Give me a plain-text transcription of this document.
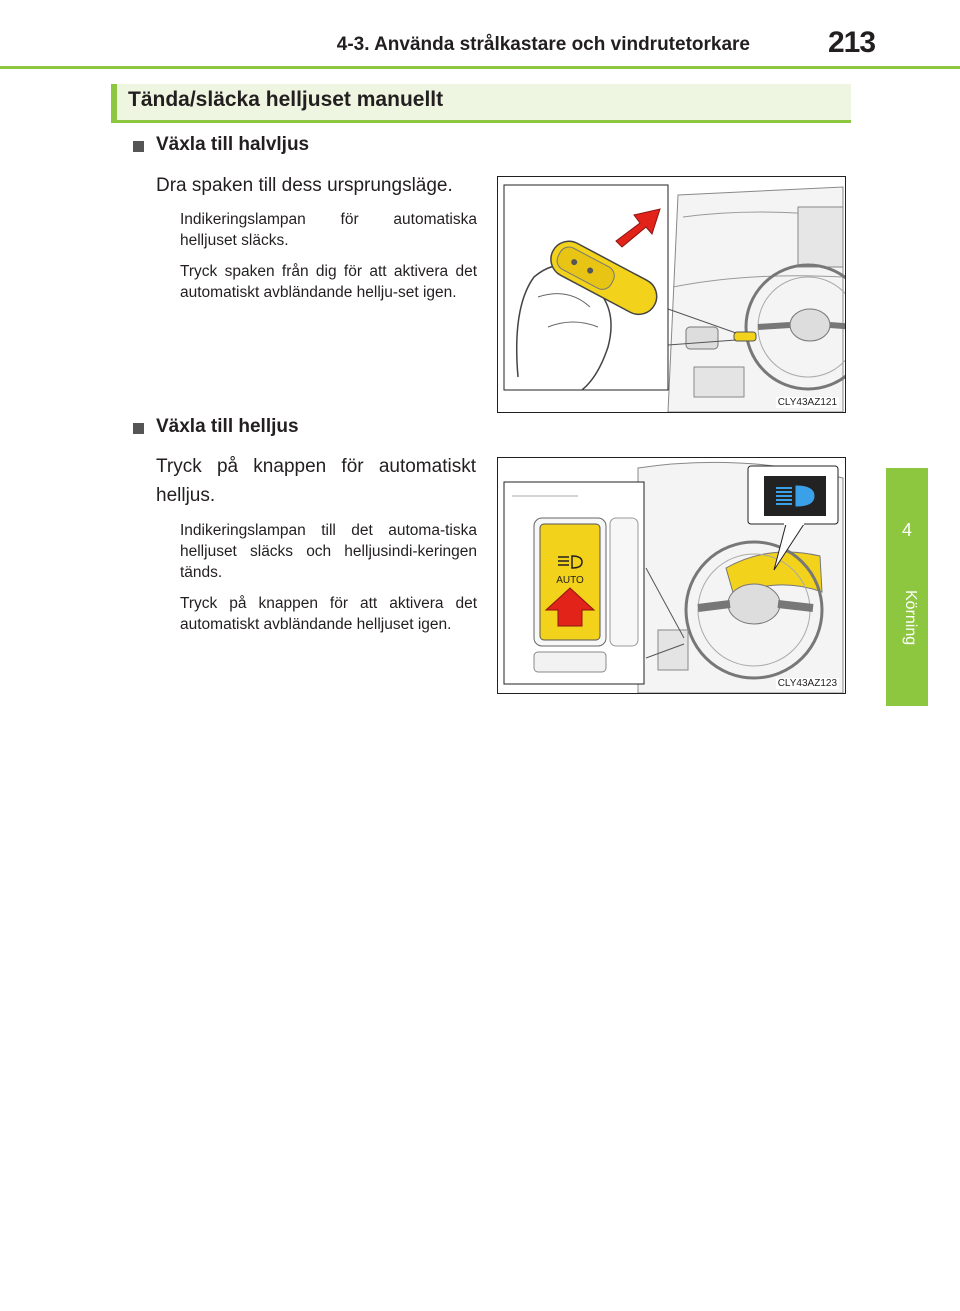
4-3. Använda strålkastare och vindrutetorkare	213
4
Körning
Tända/släcka helljuset manuellt
Växla till halvljus
Dra spaken till dess ursprungsläge.
Indikeringslampan för automatiska helljuset släcks.
Tryck spaken från dig för att aktivera det automatiskt avbländande hellju-set igen.
CLY43AZ121
Växla till helljus
Tryck på knappen för automatiskt helljus.
Indikeringslampan till det automa-tiska helljuset släcks och helljusindi-keringen tänds.
Tryck på knappen för att aktivera det automatiskt avbländande helljuset igen.
AUTO
CLY43AZ123
